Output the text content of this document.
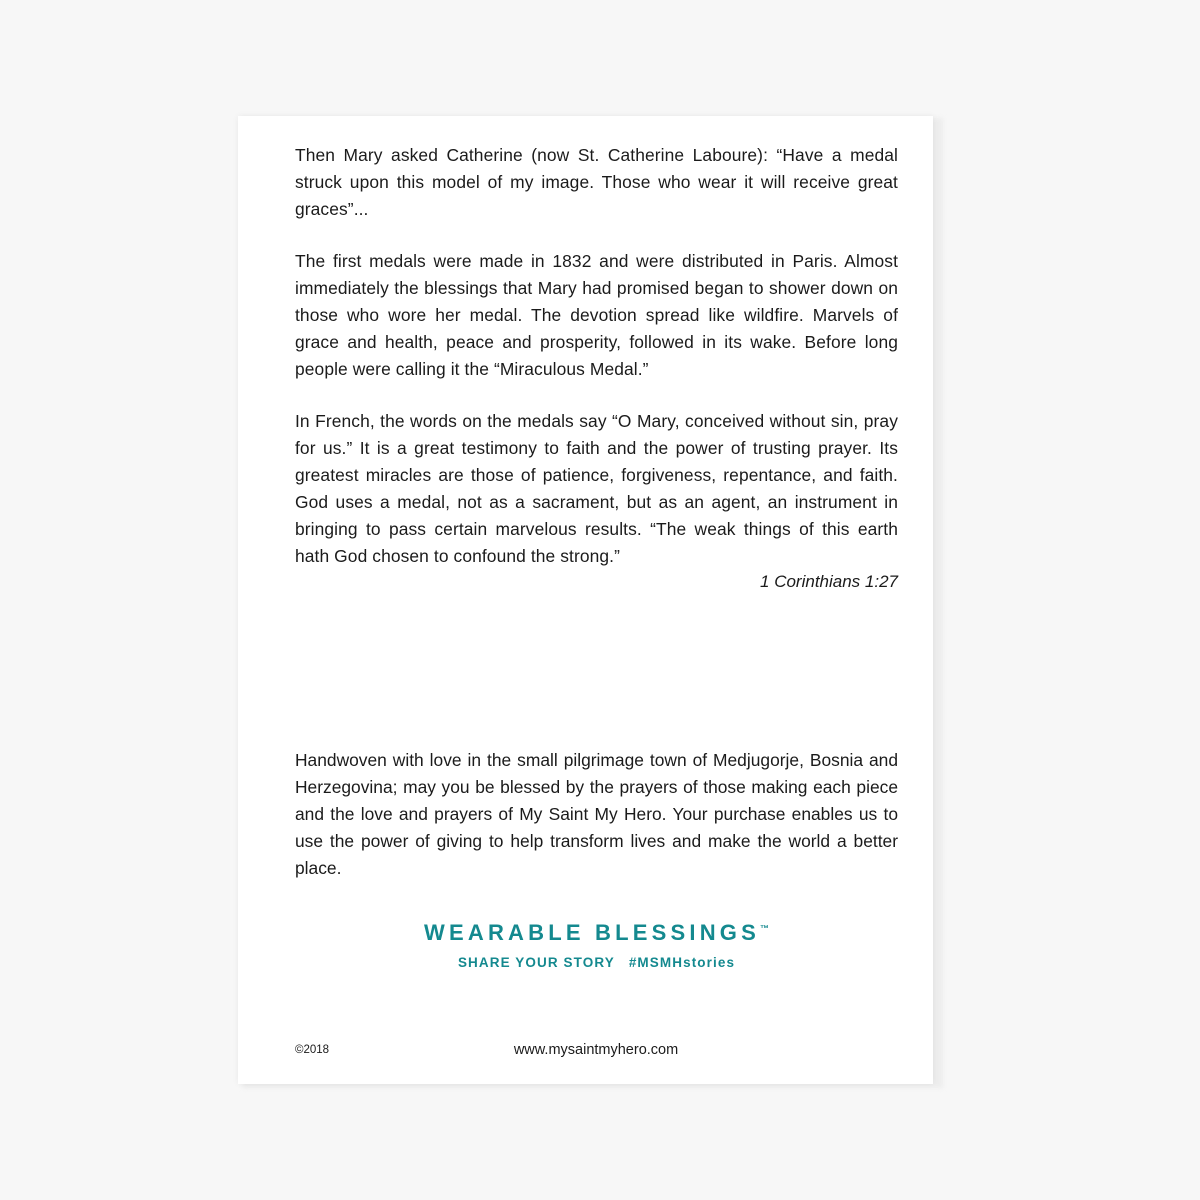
Then Mary asked Catherine (now St. Catherine Laboure): “Have a medal struck upon this model of my image. Those who wear it will receive great graces”...

The first medals were made in 1832 and were distributed in Paris. Almost immediately the blessings that Mary had promised began to shower down on those who wore her medal. The devotion spread like wildfire. Marvels of grace and health, peace and prosperity, followed in its wake. Before long people were calling it the “Miraculous Medal.”

In French, the words on the medals say “O Mary, conceived without sin, pray for us.” It is a great testimony to faith and the power of trusting prayer. Its greatest miracles are those of patience, forgiveness, repentance, and faith. God uses a medal, not as a sacrament, but as an agent, an instrument in bringing to pass certain marvelous results. “The weak things of this earth hath God chosen to confound the strong.”

1 Corinthians 1:27

Handwoven with love in the small pilgrimage town of Medjugorje, Bosnia and Herzegovina; may you be blessed by the prayers of those making each piece and the love and prayers of My Saint My Hero. Your purchase enables us to use the power of giving to help transform lives and make the world a better place.

WEARABLE BLESSINGS™
SHARE YOUR STORY #MSMHstories
©2018	www.mysaintmyhero.com
